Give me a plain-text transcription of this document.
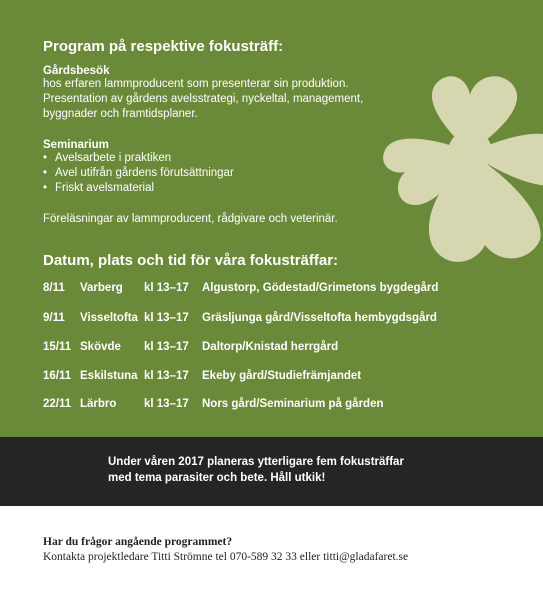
Program på respektive fokusträff:
Gårdsbesök
hos erfaren lammproducent som presenterar sin produktion.
Presentation av gårdens avelsstrategi, nyckeltal, management,
byggnader och framtidsplaner.
Seminarium
• Avelsarbete i praktiken
• Avel utifrån gårdens förutsättningar
• Friskt avelsmaterial
Föreläsningar av lammproducent, rådgivare och veterinär.
Datum, plats och tid för våra fokusträffar:
8/11 Varberg kl 13–17 Algustorp, Gödestad/Grimetons bygdegård
9/11 Visseltofta kl 13–17 Gräsljunga gård/Visseltofta hembygdsgård
15/11 Skövde kl 13–17 Daltorp/Knistad herrgård
16/11 Eskilstuna kl 13–17 Ekeby gård/Studiefrämjandet
22/11 Lärbro kl 13–17 Nors gård/Seminarium på gården
Under våren 2017 planeras ytterligare fem fokusträffar
med tema parasiter och bete. Håll utkik!
Har du frågor angående programmet?
Kontakta projektledare Titti Strömne tel 070-589 32 33 eller titti@gladafaret.se
